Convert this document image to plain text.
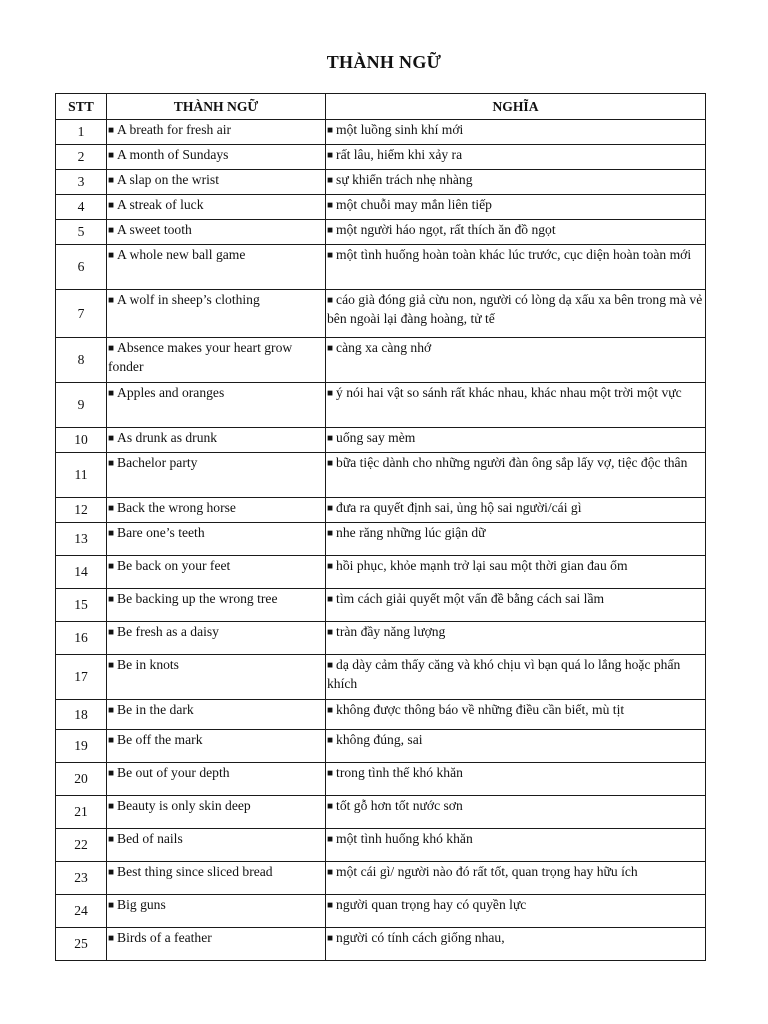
THÀNH NGỮ
STT	THÀNH NGỮ	NGHĨA
1	■ A breath for fresh air	■ một luồng sinh khí mới
2	■ A month of Sundays	■ rất lâu, hiếm khi xảy ra
3	■ A slap on the wrist	■ sự khiển trách nhẹ nhàng
4	■ A streak of luck	■ một chuỗi may mắn liên tiếp
5	■ A sweet tooth	■ một người háo ngọt, rất thích ăn đồ ngọt
6	■ A whole new ball game	■ một tình huống hoàn toàn khác lúc trước, cục diện hoàn toàn mới
7	■ A wolf in sheep’s clothing	■ cáo già đóng giả cừu non, người có lòng dạ xấu xa bên trong mà vẻ bên ngoài lại đàng hoàng, tử tế
8	■ Absence makes your heart grow fonder	■ càng xa càng nhớ
9	■ Apples and oranges	■ ý nói hai vật so sánh rất khác nhau, khác nhau một trời một vực
10	■ As drunk as drunk	■ uống say mèm
11	■ Bachelor party	■ bữa tiệc dành cho những người đàn ông sắp lấy vợ, tiệc độc thân
12	■ Back the wrong horse	■ đưa ra quyết định sai, ủng hộ sai người/cái gì
13	■ Bare one’s teeth	■ nhe răng những lúc giận dữ
14	■ Be back on your feet	■ hồi phục, khỏe mạnh trở lại sau một thời gian đau ốm
15	■ Be backing up the wrong tree	■ tìm cách giải quyết một vấn đề bằng cách sai lầm
16	■ Be fresh as a daisy	■ tràn đầy năng lượng
17	■ Be in knots	■ dạ dày cảm thấy căng và khó chịu vì bạn quá lo lắng hoặc phấn khích
18	■ Be in the dark	■ không được thông báo về những điều cần biết, mù tịt
19	■ Be off the mark	■ không đúng, sai
20	■ Be out of your depth	■ trong tình thế khó khăn
21	■ Beauty is only skin deep	■ tốt gỗ hơn tốt nước sơn
22	■ Bed of nails	■ một tình huống khó khăn
23	■ Best thing since sliced bread	■ một cái gì/ người nào đó rất tốt, quan trọng hay hữu ích
24	■ Big guns	■ người quan trọng hay có quyền lực
25	■ Birds of a feather	■ người có tính cách giống nhau,
